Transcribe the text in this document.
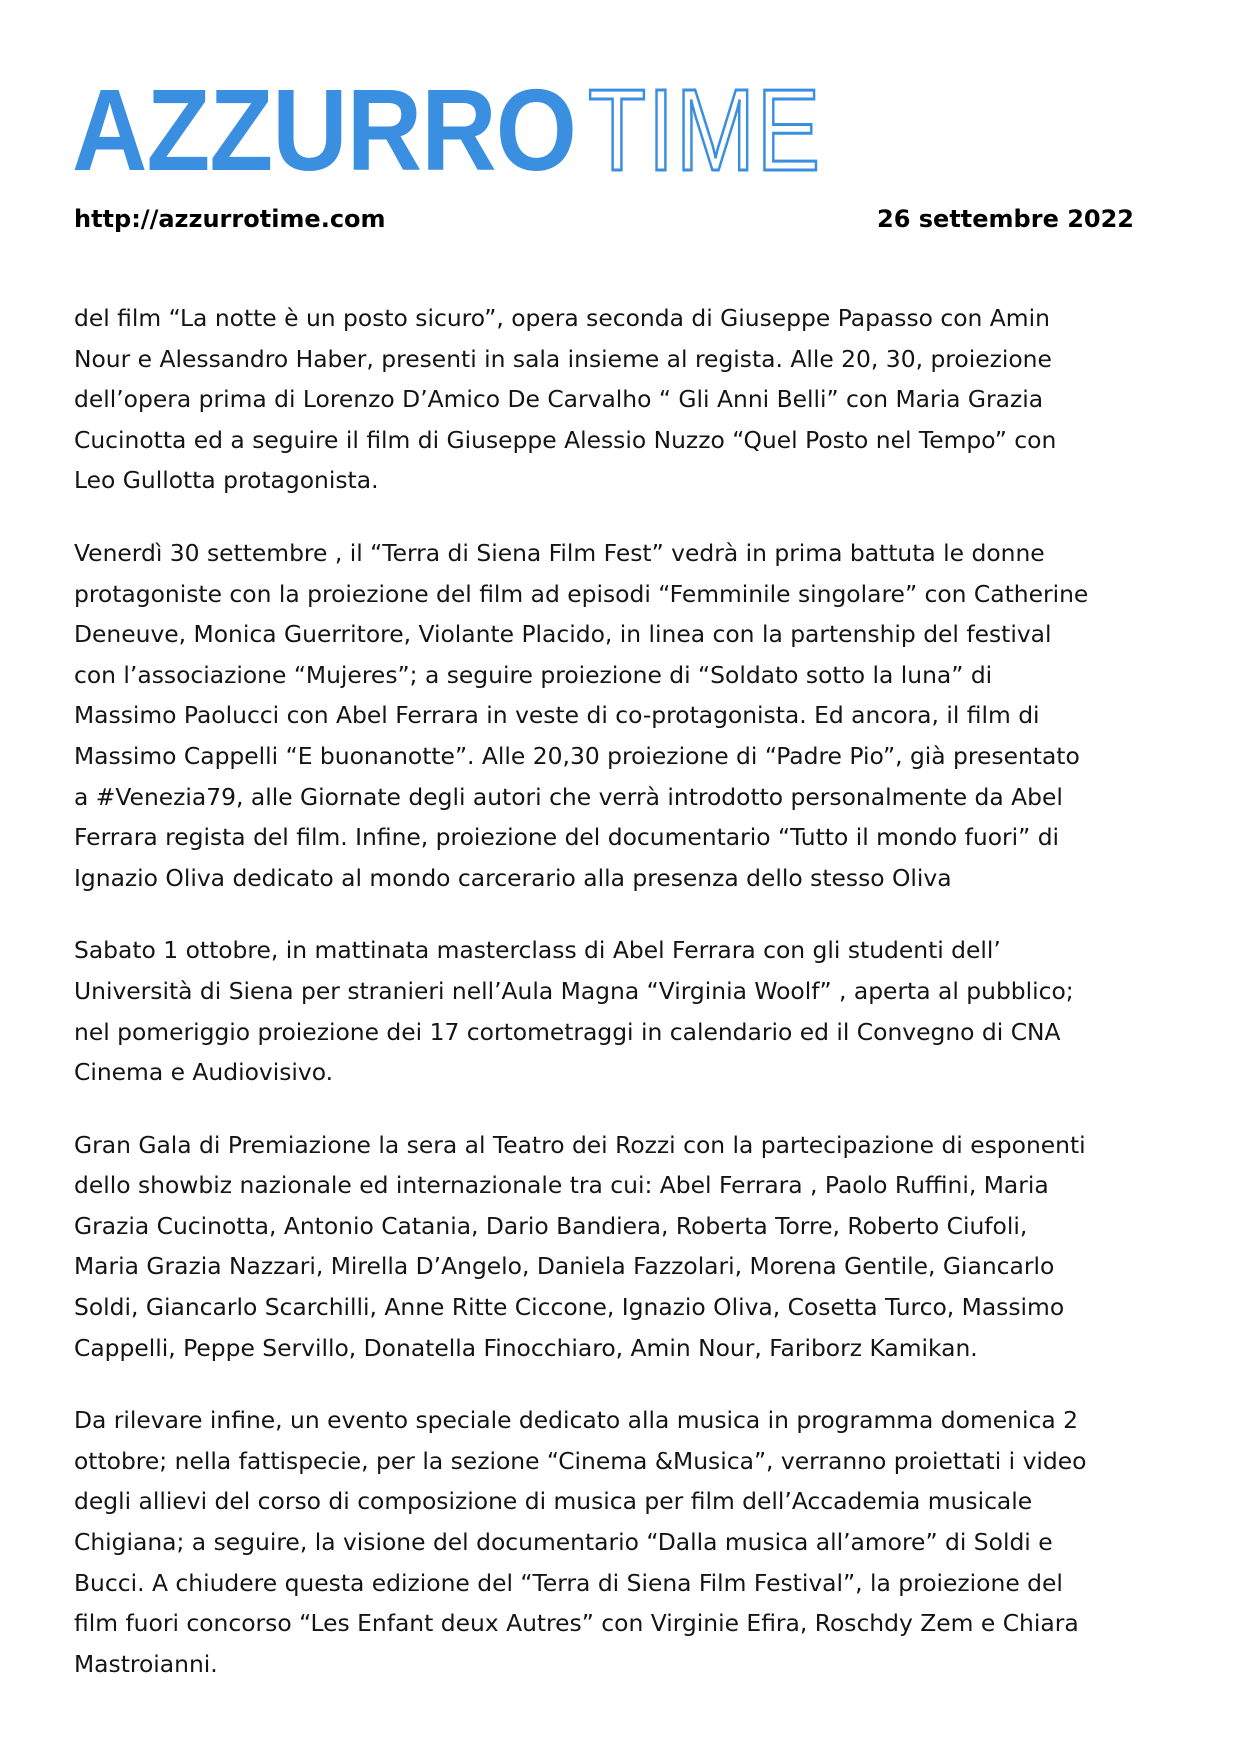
AZZURRO TIME
http://azzurrotime.com	26 settembre 2022

del film “La notte è un posto sicuro”, opera seconda di Giuseppe Papasso con Amin
Nour e Alessandro Haber, presenti in sala insieme al regista. Alle 20, 30, proiezione
dell’opera prima di Lorenzo D’Amico De Carvalho “ Gli Anni Belli” con Maria Grazia
Cucinotta ed a seguire il film di Giuseppe Alessio Nuzzo “Quel Posto nel Tempo” con
Leo Gullotta protagonista.

Venerdì 30 settembre , il “Terra di Siena Film Fest” vedrà in prima battuta le donne
protagoniste con la proiezione del film ad episodi “Femminile singolare” con Catherine
Deneuve, Monica Guerritore, Violante Placido, in linea con la partenship del festival
con l’associazione “Mujeres”; a seguire proiezione di “Soldato sotto la luna” di
Massimo Paolucci con Abel Ferrara in veste di co-protagonista. Ed ancora, il film di
Massimo Cappelli “E buonanotte”. Alle 20,30 proiezione di “Padre Pio”, già presentato
a #Venezia79, alle Giornate degli autori che verrà introdotto personalmente da Abel
Ferrara regista del film. Infine, proiezione del documentario “Tutto il mondo fuori” di
Ignazio Oliva dedicato al mondo carcerario alla presenza dello stesso Oliva

Sabato 1 ottobre, in mattinata masterclass di Abel Ferrara con gli studenti dell’
Università di Siena per stranieri nell’Aula Magna “Virginia Woolf” , aperta al pubblico;
nel pomeriggio proiezione dei 17 cortometraggi in calendario ed il Convegno di CNA
Cinema e Audiovisivo.

Gran Gala di Premiazione la sera al Teatro dei Rozzi con la partecipazione di esponenti
dello showbiz nazionale ed internazionale tra cui: Abel Ferrara , Paolo Ruffini, Maria
Grazia Cucinotta, Antonio Catania, Dario Bandiera, Roberta Torre, Roberto Ciufoli,
Maria Grazia Nazzari, Mirella D’Angelo, Daniela Fazzolari, Morena Gentile, Giancarlo
Soldi, Giancarlo Scarchilli, Anne Ritte Ciccone, Ignazio Oliva, Cosetta Turco, Massimo
Cappelli, Peppe Servillo, Donatella Finocchiaro, Amin Nour, Fariborz Kamikan.

Da rilevare infine, un evento speciale dedicato alla musica in programma domenica 2
ottobre; nella fattispecie, per la sezione “Cinema &Musica”, verranno proiettati i video
degli allievi del corso di composizione di musica per film dell’Accademia musicale
Chigiana; a seguire, la visione del documentario “Dalla musica all’amore” di Soldi e
Bucci. A chiudere questa edizione del “Terra di Siena Film Festival”, la proiezione del
film fuori concorso “Les Enfant deux Autres” con Virginie Efira, Roschdy Zem e Chiara
Mastroianni.
